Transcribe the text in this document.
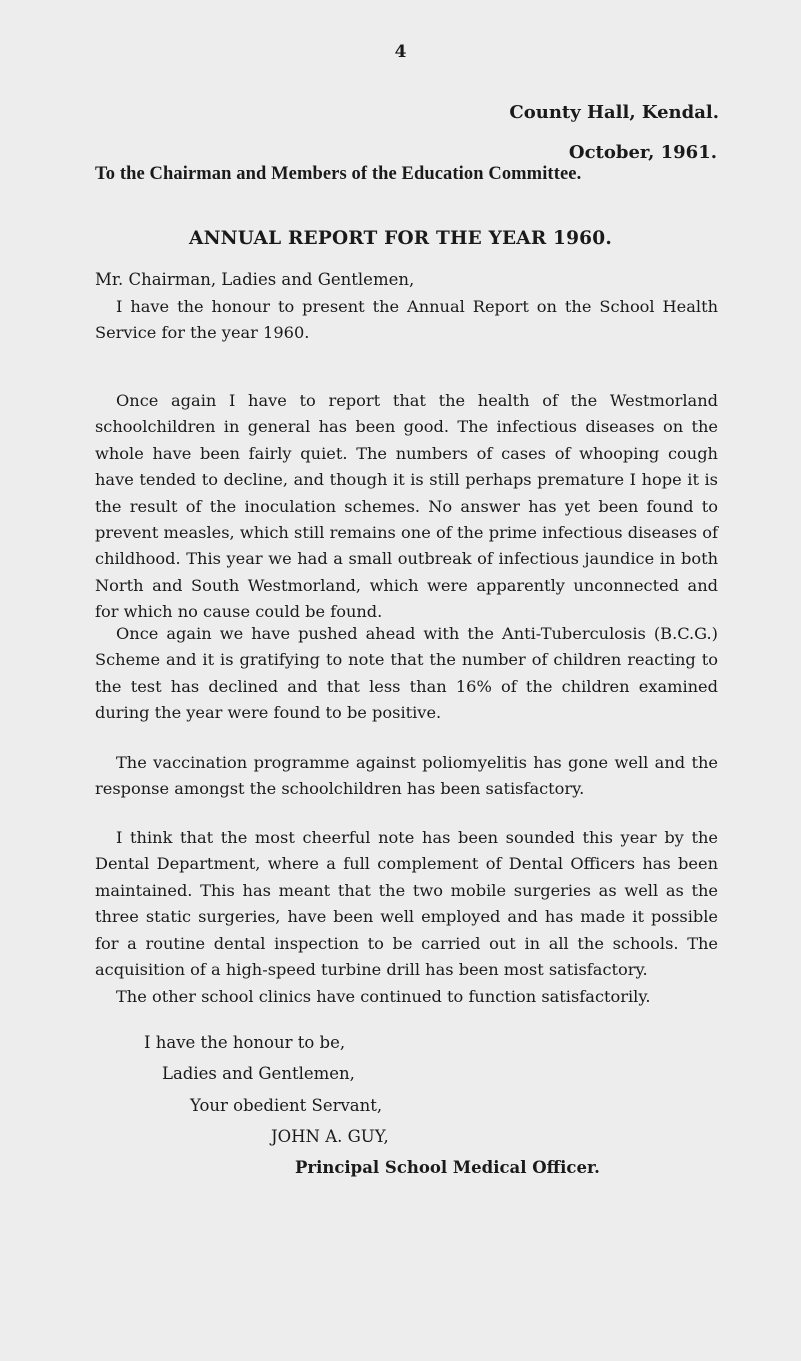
4
County Hall, Kendal.
October, 1961.
To the Chairman and Members of the Education Committee.
ANNUAL REPORT FOR THE YEAR 1960.
Mr. Chairman, Ladies and Gentlemen,

I have the honour to present the Annual Report on the School Health Service for the year 1960.

Once again I have to report that the health of the Westmorland schoolchildren in general has been good. The infectious diseases on the whole have been fairly quiet. The numbers of cases of whooping cough have tended to decline, and though it is still perhaps premature I hope it is the result of the inoculation schemes. No answer has yet been found to prevent measles, which still remains one of the prime infectious diseases of childhood. This year we had a small outbreak of infectious jaundice in both North and South Westmorland, which were apparently unconnected and for which no cause could be found.

Once again we have pushed ahead with the Anti-Tuberculosis (B.C.G.) Scheme and it is gratifying to note that the number of children reacting to the test has declined and that less than 16% of the children examined during the year were found to be positive.

The vaccination programme against poliomyelitis has gone well and the response amongst the schoolchildren has been satisfactory.

I think that the most cheerful note has been sounded this year by the Dental Department, where a full complement of Dental Officers has been maintained. This has meant that the two mobile surgeries as well as the three static surgeries, have been well employed and has made it possible for a routine dental inspection to be carried out in all the schools. The acquisition of a high-speed turbine drill has been most satisfactory.

The other school clinics have continued to function satisfactorily.

I have the honour to be,
Ladies and Gentlemen,
Your obedient Servant,
JOHN A. GUY,
Principal School Medical Officer.
